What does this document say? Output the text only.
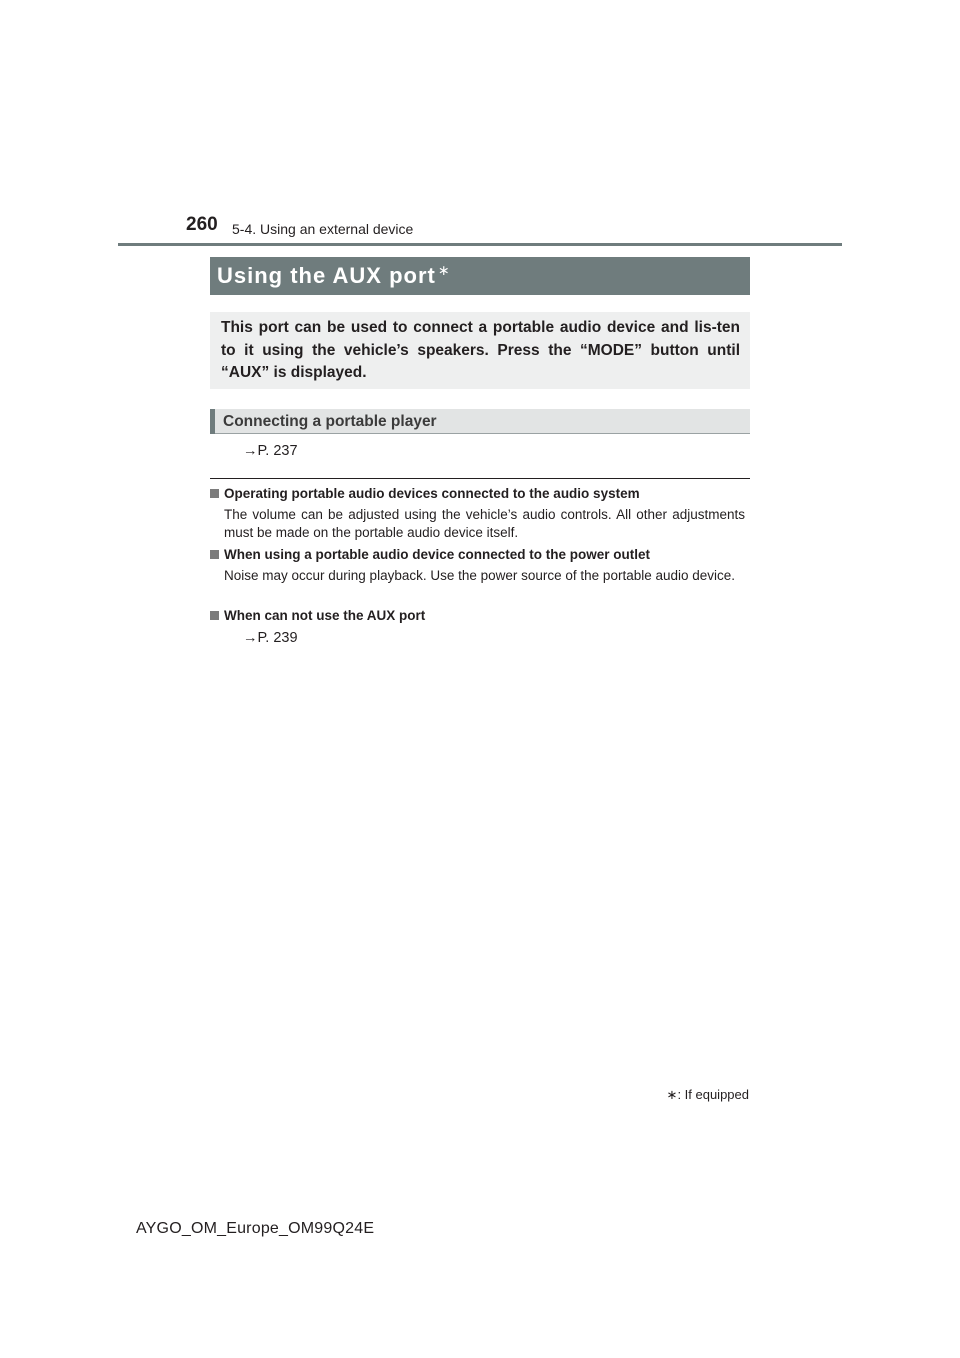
260 5-4. Using an external device
Using the AUX port ∗

This port can be used to connect a portable audio device and lis-ten to it using the vehicle’s speakers. Press the “MODE” button until “AUX” is displayed.

Connecting a portable player
→P. 237
Operating portable audio devices connected to the audio system

The volume can be adjusted using the vehicle’s audio controls. All other adjustments must be made on the portable audio device itself.

When using a portable audio device connected to the power outlet

Noise may occur during playback. Use the power source of the portable audio device.

When can not use the AUX port
→P. 239
∗: If equipped
AYGO_OM_Europe_OM99Q24E
